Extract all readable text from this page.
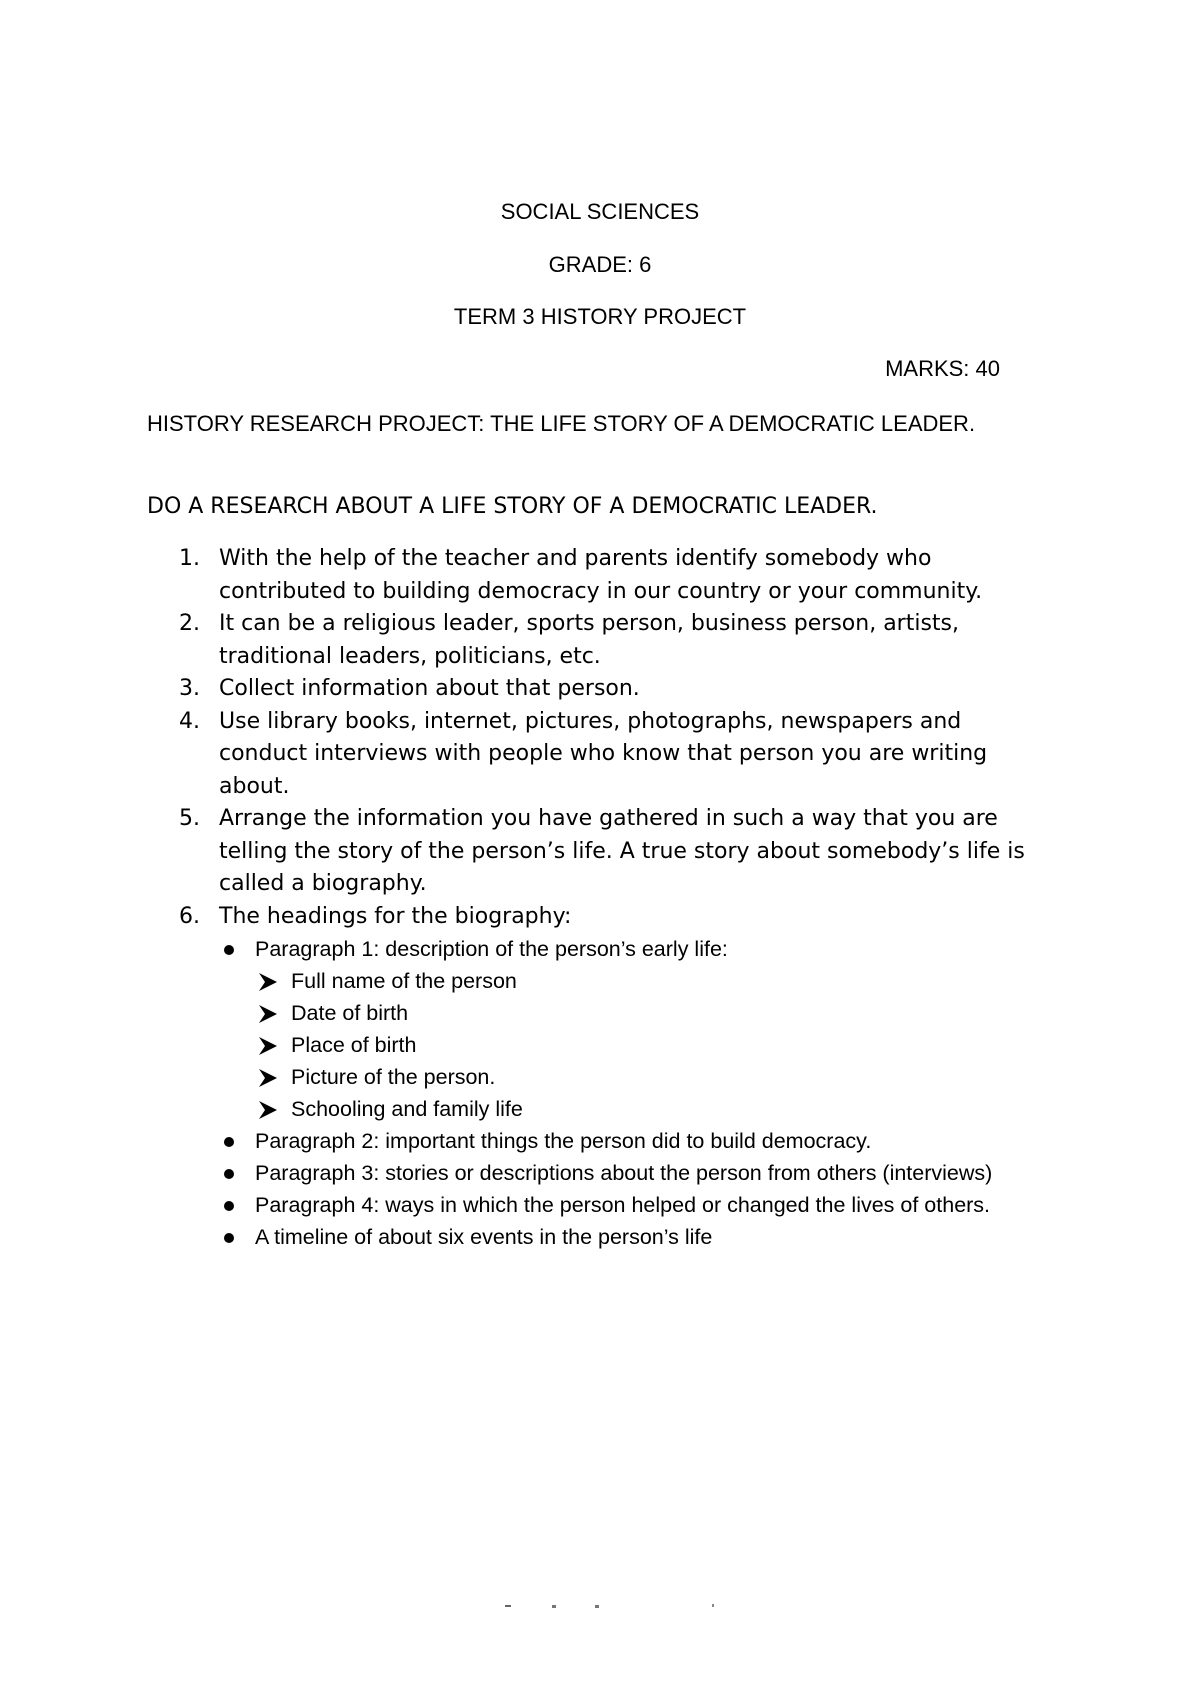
SOCIAL SCIENCES
GRADE: 6
TERM 3 HISTORY PROJECT
MARKS: 40
HISTORY RESEARCH PROJECT: THE LIFE STORY OF A DEMOCRATIC LEADER.
DO A RESEARCH ABOUT A LIFE STORY OF A DEMOCRATIC LEADER.
1. With the help of the teacher and parents identify somebody who contributed to building democracy in our country or your community.
2. It can be a religious leader, sports person, business person, artists, traditional leaders, politicians, etc.
3. Collect information about that person.
4. Use library books, internet, pictures, photographs, newspapers and conduct interviews with people who know that person you are writing about.
5. Arrange the information you have gathered in such a way that you are telling the story of the person’s life. A true story about somebody’s life is called a biography.
6. The headings for the biography:
Paragraph 1: description of the person’s early life:
Full name of the person
Date of birth
Place of birth
Picture of the person.
Schooling and family life
Paragraph 2: important things the person did to build democracy.
Paragraph 3: stories or descriptions about the person from others (interviews)
Paragraph 4: ways in which the person helped or changed the lives of others.
A timeline of about six events in the person’s life
